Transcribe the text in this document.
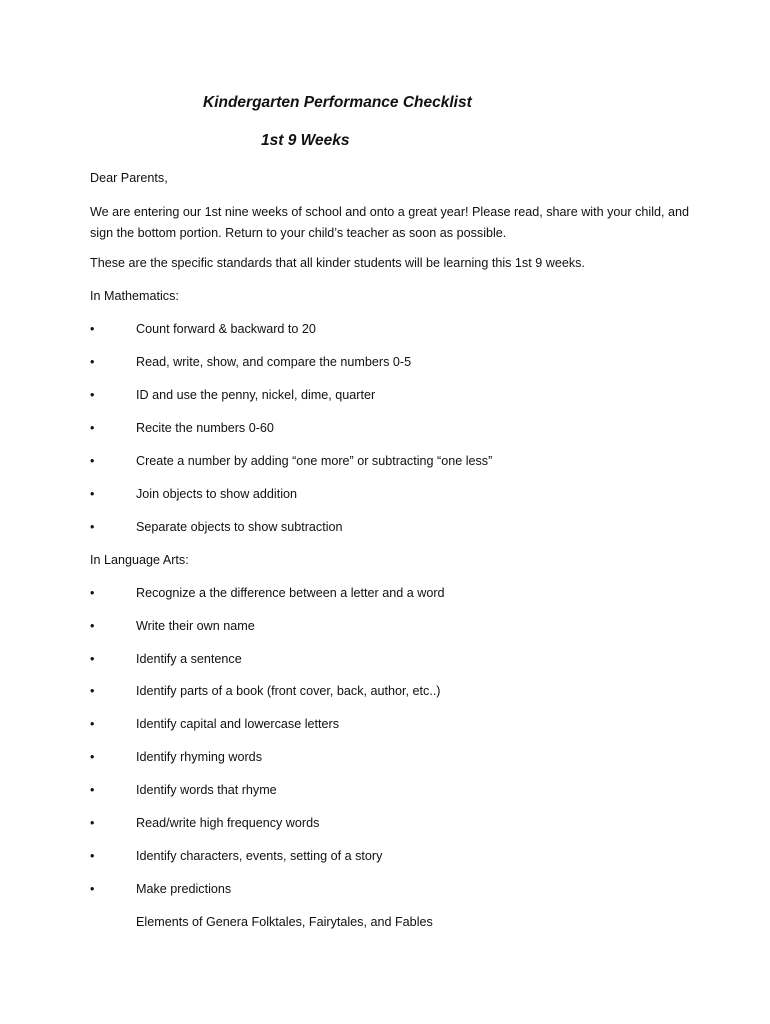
Kindergarten Performance Checklist
1st 9 Weeks
Dear Parents,
We are entering our 1st nine weeks of school and onto a great year! Please read, share with your child, and sign the bottom portion. Return to your child’s teacher as soon as possible.
These are the specific standards that all kinder students will be learning this 1st 9 weeks.
In Mathematics:
•	Count forward & backward to 20
•	Read, write, show, and compare the numbers 0-5
•	ID and use the penny, nickel, dime, quarter
•	Recite the numbers 0-60
•	Create a number by adding “one more” or subtracting “one less”
•	Join objects to show addition
•	Separate objects to show subtraction
In Language Arts:
•	Recognize a the difference between a letter and a word
•	Write their own name
•	Identify a sentence
•	Identify parts of a book (front cover, back, author, etc..)
•	Identify capital and lowercase letters
•	Identify rhyming words
•	Identify words that rhyme
•	Read/write high frequency words
•	Identify characters, events, setting of a story
•	Make predictions
Elements of Genera Folktales, Fairytales, and Fables
